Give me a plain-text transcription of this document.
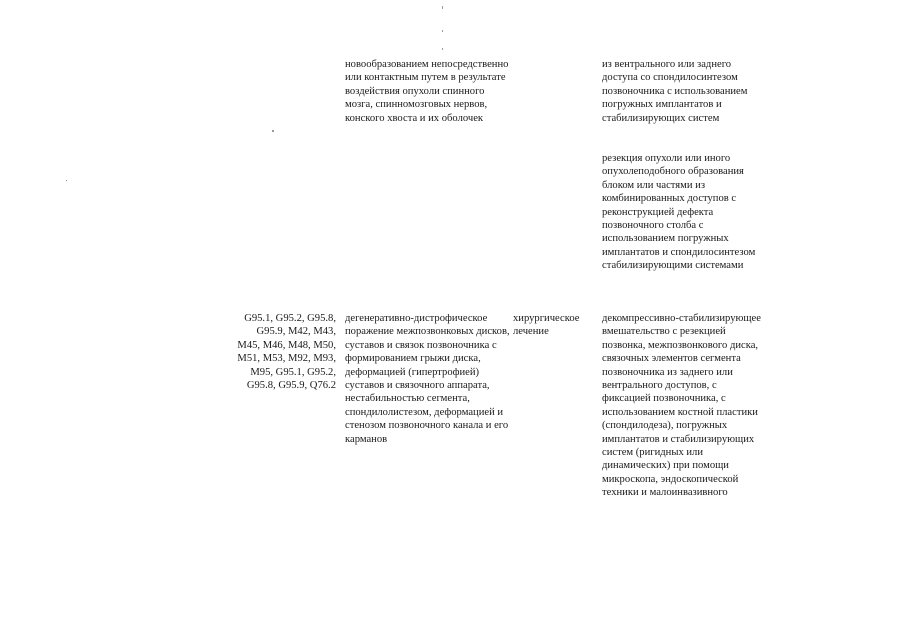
новообразованием непосредственно или контактным путем в результате воздействия опухоли спинного мозга, спинномозговых нервов, конского хвоста и их оболочек

из вентрального или заднего доступа со спондилосинтезом позвоночника с использованием погружных имплантатов и стабилизирующих систем

резекция опухоли или иного опухолеподобного образования блоком или частями из комбинированных доступов с реконструкцией дефекта позвоночного столба с использованием погружных имплантатов и спондилосинтезом стабилизирующими системами

G95.1, G95.2, G95.8, G95.9, M42, M43, M45, M46, M48, M50, M51, M53, M92, M93, M95, G95.1, G95.2, G95.8, G95.9, Q76.2

дегенеративно-дистрофическое поражение межпозвонковых дисков, суставов и связок позвоночника с формированием грыжи диска, деформацией (гипертрофией) суставов и связочного аппарата, нестабильностью сегмента, спондилолистезом, деформацией и стенозом позвоночного канала и его карманов

хирургическое лечение

декомпрессивно-стабилизирующее вмешательство с резекцией позвонка, межпозвонкового диска, связочных элементов сегмента позвоночника из заднего или вентрального доступов, с фиксацией позвоночника, с использованием костной пластики (спондилодеза), погружных имплантатов и стабилизирующих систем (ригидных или динамических) при помощи микроскопа, эндоскопической техники и малоинвазивного
